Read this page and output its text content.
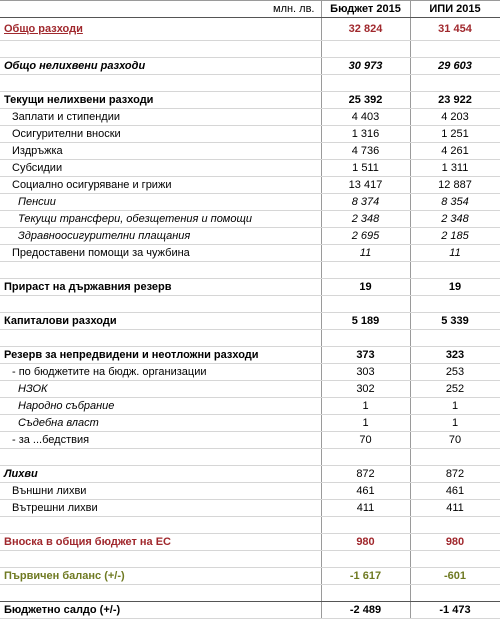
млн. лв.	Бюджет 2015	ИПИ 2015
Общо разходи	32 824	31 454

Общо нелихвени разходи	30 973	29 603

Текущи нелихвени разходи	25 392	23 922
Заплати и стипендии	4 403	4 203
Осигурителни вноски	1 316	1 251
Издръжка	4 736	4 261
Субсидии	1 511	1 311
Социално осигуряване и грижи	13 417	12 887
Пенсии	8 374	8 354
Текущи трансфери, обезщетения и помощи	2 348	2 348
Здравноосигурителни плащания	2 695	2 185
Предоставени помощи за чужбина	11	11

Прираст на държавния резерв	19	19

Капиталови разходи	5 189	5 339

Резерв за непредвидени и неотложни разходи	373	323
- по бюджетите на бюдж. организации	303	253
НЗОК	302	252
Народно събрание	1	1
Съдебна власт	1	1
- за ...бедствия	70	70

Лихви	872	872
Външни лихви	461	461
Вътрешни лихви	411	411

Вноска в общия бюджет на ЕС	980	980

Първичен баланс (+/-)	-1 617	-601

Бюджетно салдо (+/-)	-2 489	-1 473
